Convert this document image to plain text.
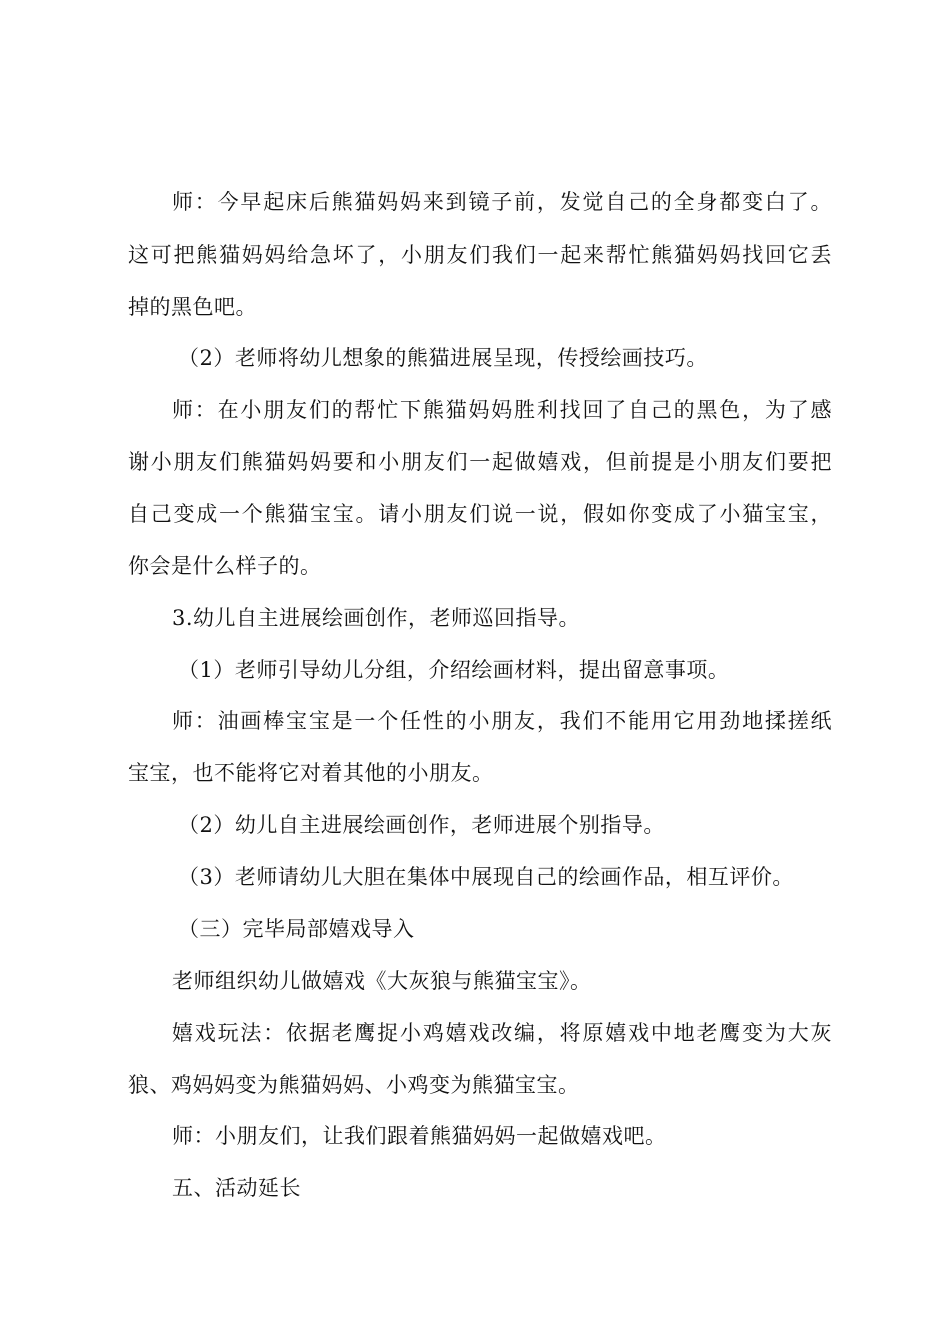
师：今早起床后熊猫妈妈来到镜子前，发觉自己的全身都变白了。
这可把熊猫妈妈给急坏了，小朋友们我们一起来帮忙熊猫妈妈找回它丢
掉的黑色吧。
（2）老师将幼儿想象的熊猫进展呈现，传授绘画技巧。
师：在小朋友们的帮忙下熊猫妈妈胜利找回了自己的黑色，为了感
谢小朋友们熊猫妈妈要和小朋友们一起做嬉戏，但前提是小朋友们要把
自己变成一个熊猫宝宝。请小朋友们说一说，假如你变成了小猫宝宝，
你会是什么样子的。
3.幼儿自主进展绘画创作，老师巡回指导。
（1）老师引导幼儿分组，介绍绘画材料，提出留意事项。
师：油画棒宝宝是一个任性的小朋友，我们不能用它用劲地揉搓纸
宝宝，也不能将它对着其他的小朋友。
（2）幼儿自主进展绘画创作，老师进展个别指导。
（3）老师请幼儿大胆在集体中展现自己的绘画作品，相互评价。
（三）完毕局部嬉戏导入
老师组织幼儿做嬉戏《大灰狼与熊猫宝宝》。
嬉戏玩法：依据老鹰捉小鸡嬉戏改编，将原嬉戏中地老鹰变为大灰
狼、鸡妈妈变为熊猫妈妈、小鸡变为熊猫宝宝。
师：小朋友们，让我们跟着熊猫妈妈一起做嬉戏吧。
五、活动延长
